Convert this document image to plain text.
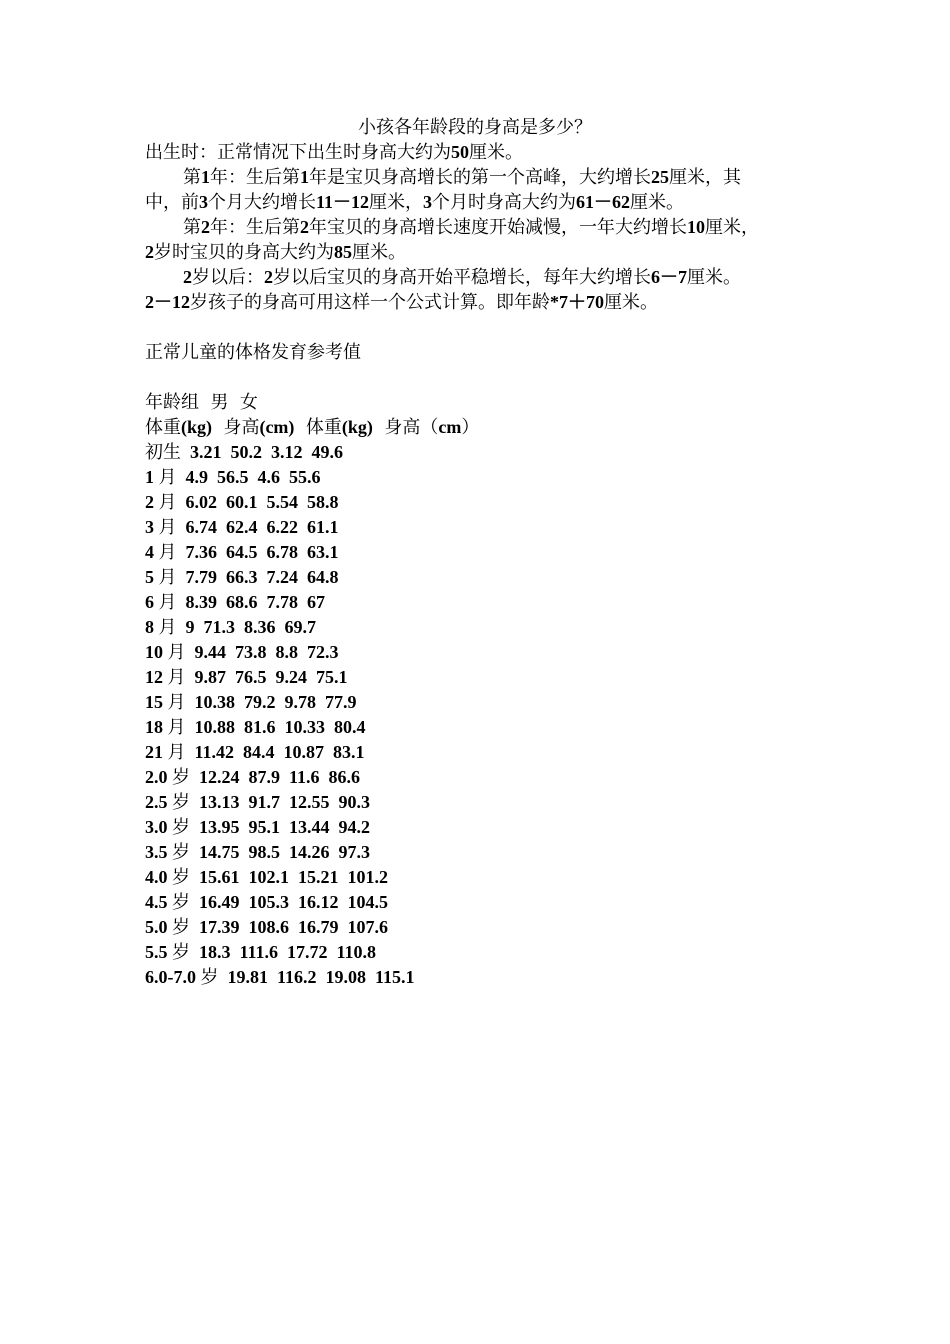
小孩各年龄段的身高是多少？
出生时：正常情况下出生时身高大约为50厘米。
第1年：生后第1年是宝贝身高增长的第一个高峰，大约增长25厘米，其
中，前3个月大约增长11－12厘米，3个月时身高大约为61－62厘米。
第2年：生后第2年宝贝的身高增长速度开始减慢，一年大约增长10厘米，
2岁时宝贝的身高大约为85厘米。
2岁以后：2岁以后宝贝的身高开始平稳增长，每年大约增长6－7厘米。
2－12岁孩子的身高可用这样一个公式计算。即年龄*7＋70厘米。
正常儿童的体格发育参考值
年龄组 男 女
体重(kg) 身高(cm) 体重(kg) 身高（cm）
初生 3.21 50.2 3.12 49.6
1 月 4.9 56.5 4.6 55.6
2 月 6.02 60.1 5.54 58.8
3 月 6.74 62.4 6.22 61.1
4 月 7.36 64.5 6.78 63.1
5 月 7.79 66.3 7.24 64.8
6 月 8.39 68.6 7.78 67
8 月 9 71.3 8.36 69.7
10 月 9.44 73.8 8.8 72.3
12 月 9.87 76.5 9.24 75.1
15 月 10.38 79.2 9.78 77.9
18 月 10.88 81.6 10.33 80.4
21 月 11.42 84.4 10.87 83.1
2.0 岁 12.24 87.9 11.6 86.6
2.5 岁 13.13 91.7 12.55 90.3
3.0 岁 13.95 95.1 13.44 94.2
3.5 岁 14.75 98.5 14.26 97.3
4.0 岁 15.61 102.1 15.21 101.2
4.5 岁 16.49 105.3 16.12 104.5
5.0 岁 17.39 108.6 16.79 107.6
5.5 岁 18.3 111.6 17.72 110.8
6.0-7.0 岁 19.81 116.2 19.08 115.1
